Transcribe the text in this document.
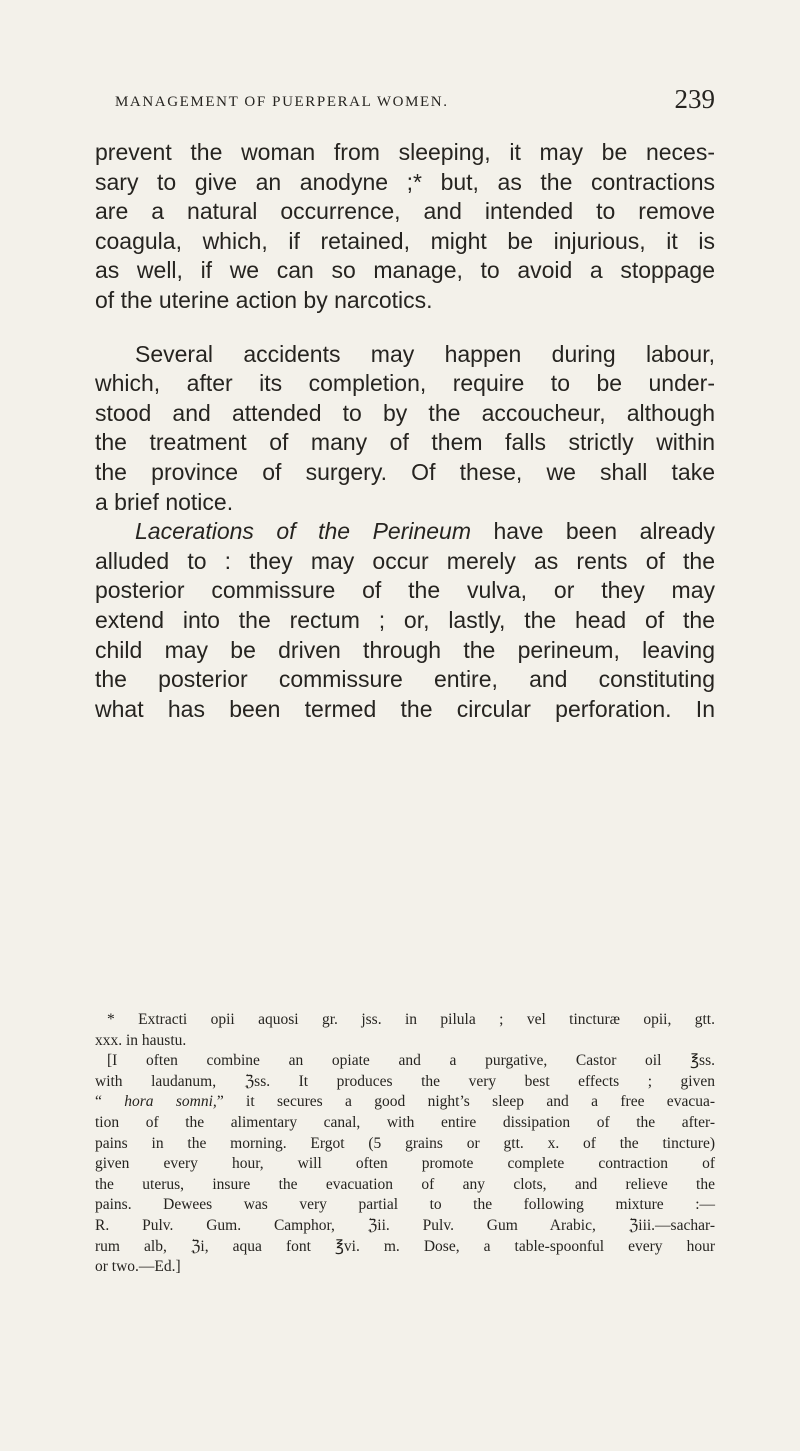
MANAGEMENT OF PUERPERAL WOMEN.	239
prevent the woman from sleeping, it may be neces-
sary to give an anodyne ;* but, as the contractions
are a natural occurrence, and intended to remove
coagula, which, if retained, might be injurious, it is
as well, if we can so manage, to avoid a stoppage
of the uterine action by narcotics.
Several accidents may happen during labour,
which, after its completion, require to be under-
stood and attended to by the accoucheur, although
the treatment of many of them falls strictly within
the province of surgery. Of these, we shall take
a brief notice.
Lacerations of the Perineum have been already
alluded to : they may occur merely as rents of the
posterior commissure of the vulva, or they may
extend into the rectum ; or, lastly, the head of the
child may be driven through the perineum, leaving
the posterior commissure entire, and constituting
what has been termed the circular perforation. In
* Extracti opii aquosi gr. jss. in pilula ; vel tincturæ opii, gtt.
xxx. in haustu.
[I often combine an opiate and a purgative, Castor oil ℥ss.
with laudanum, ℨss. It produces the very best effects ; given
“ hora somni,” it secures a good night’s sleep and a free evacua-
tion of the alimentary canal, with entire dissipation of the after-
pains in the morning. Ergot (5 grains or gtt. x. of the tincture)
given every hour, will often promote complete contraction of
the uterus, insure the evacuation of any clots, and relieve the
pains. Dewees was very partial to the following mixture :—
R. Pulv. Gum. Camphor, ℨii. Pulv. Gum Arabic, ℨiii.—sachar-
rum alb, ℨi, aqua font ℥vi. m. Dose, a table-spoonful every hour
or two.—Ed.]
